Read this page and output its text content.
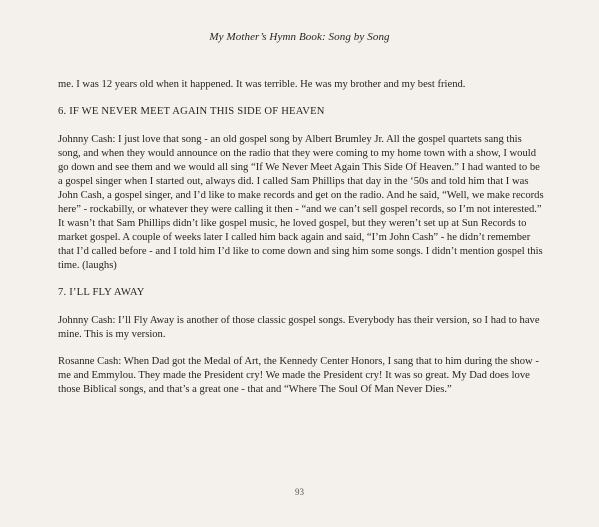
My Mother’s Hymn Book: Song by Song

me. I was 12 years old when it happened. It was terrible. He was my brother and my best friend.

6. IF WE NEVER MEET AGAIN THIS SIDE OF HEAVEN

Johnny Cash: I just love that song - an old gospel song by Albert Brumley Jr. All the gospel quartets sang this song, and when they would announce on the radio that they were coming to my home town with a show, I would go down and see them and we would all sing “If We Never Meet Again This Side Of Heaven.” I had wanted to be a gospel singer when I started out, always did. I called Sam Phillips that day in the ‘50s and told him that I was John Cash, a gospel singer, and I’d like to make records and get on the radio. And he said, “Well, we make records here” - rockabilly, or whatever they were calling it then - “and we can’t sell gospel records, so I’m not interested.” It wasn’t that Sam Phillips didn’t like gospel music, he loved gospel, but they weren’t set up at Sun Records to market gospel. A couple of weeks later I called him back again and said, “I’m John Cash” - he didn’t remember that I’d called before - and I told him I’d like to come down and sing him some songs. I didn’t mention gospel this time. (laughs)

7. I’LL FLY AWAY

Johnny Cash: I’ll Fly Away is another of those classic gospel songs. Everybody has their version, so I had to have mine. This is my version.

Rosanne Cash: When Dad got the Medal of Art, the Kennedy Center Honors, I sang that to him during the show - me and Emmylou. They made the President cry! We made the President cry! It was so great. My Dad does love those Biblical songs, and that’s a great one - that and “Where The Soul Of Man Never Dies.”

93
